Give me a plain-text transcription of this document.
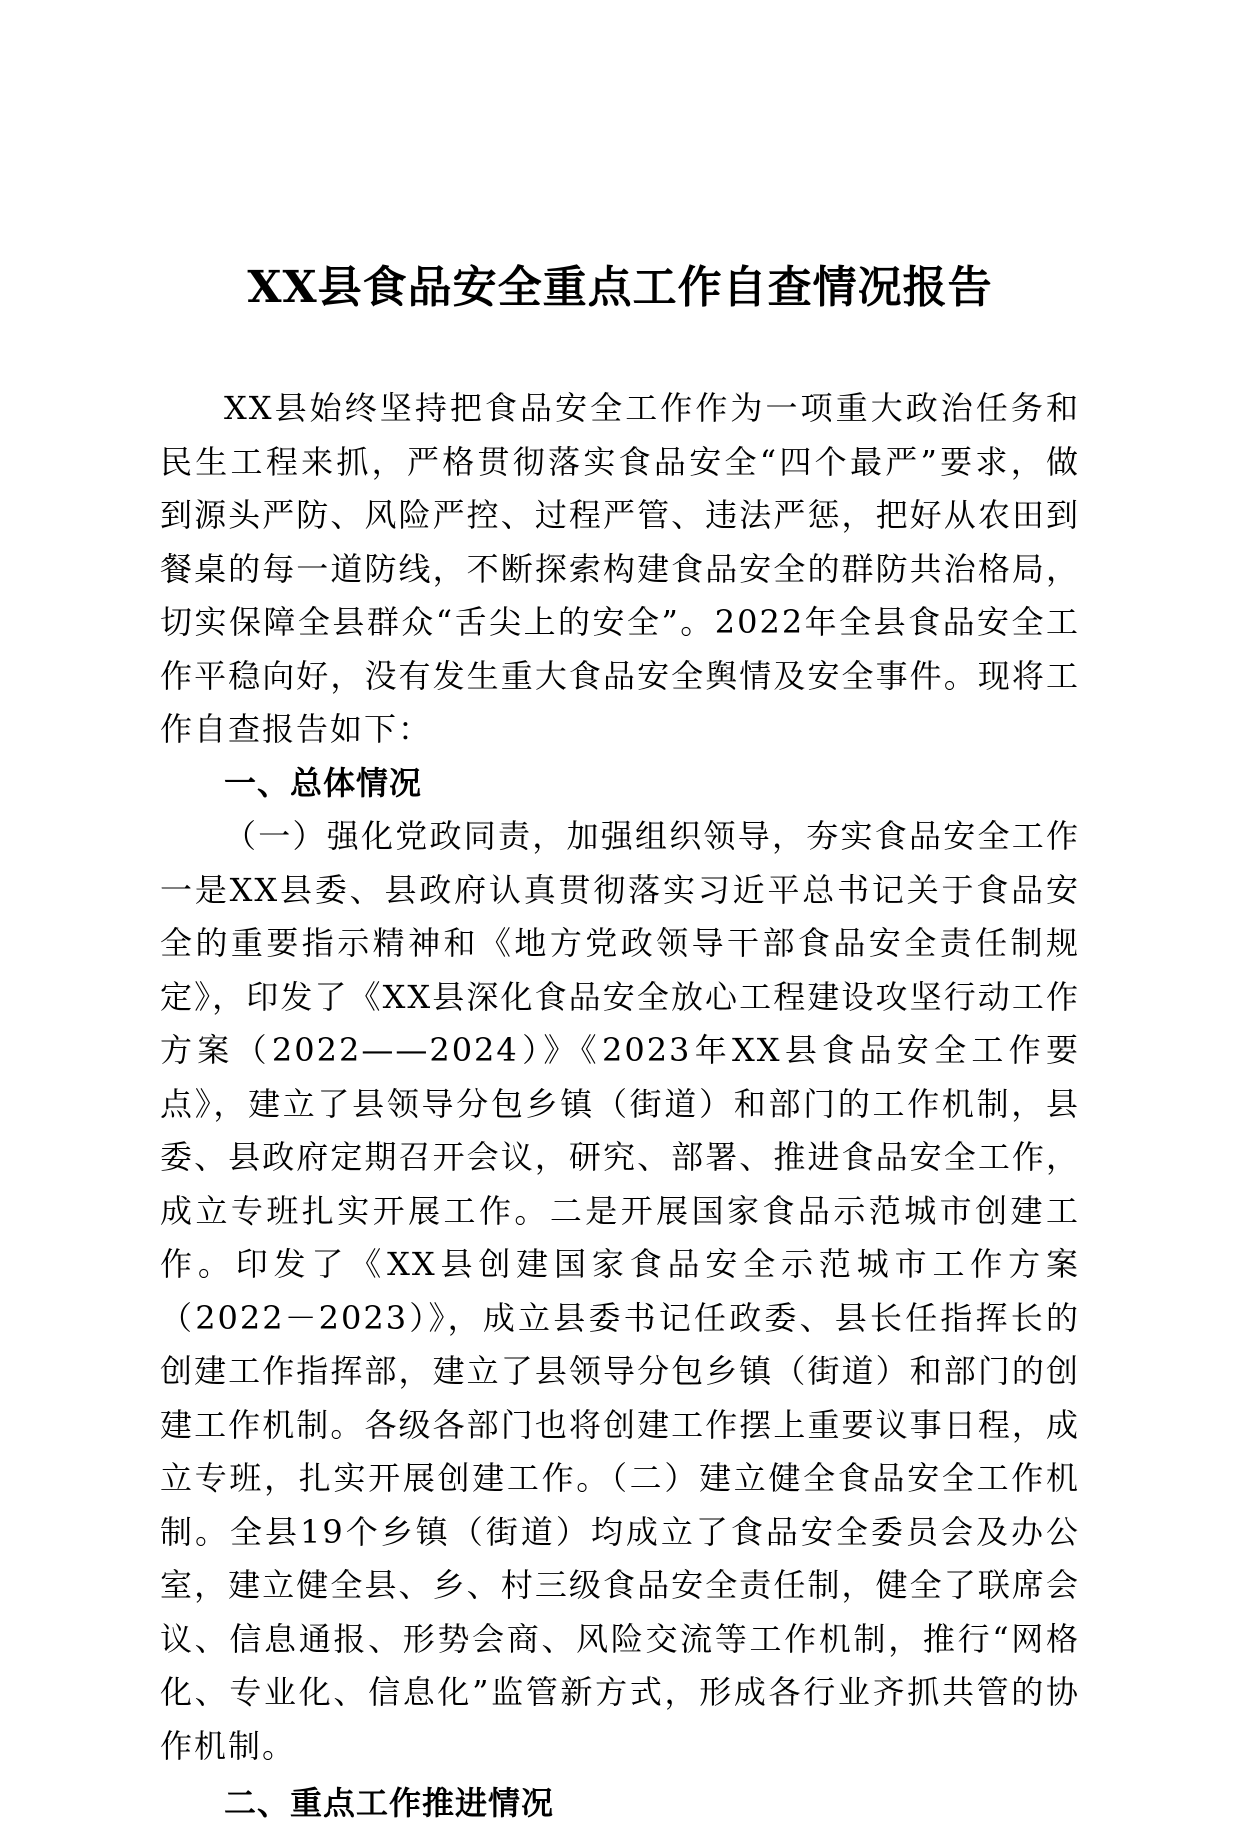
XX县食品安全重点工作自查情况报告

XX县始终坚持把食品安全工作作为一项重大政治任务和民生工程来抓，严格贯彻落实食品安全“四个最严”要求，做到源头严防、风险严控、过程严管、违法严惩，把好从农田到餐桌的每一道防线，不断探索构建食品安全的群防共治格局，切实保障全县群众“舌尖上的安全”。2022年全县食品安全工作平稳向好，没有发生重大食品安全舆情及安全事件。现将工作自查报告如下：

一、总体情况

（一）强化党政同责，加强组织领导，夯实食品安全工作一是XX县委、县政府认真贯彻落实习近平总书记关于食品安全的重要指示精神和《地方党政领导干部食品安全责任制规定》，印发了《XX县深化食品安全放心工程建设攻坚行动工作方案（2022——2024）》《2023年XX县食品安全工作要点》，建立了县领导分包乡镇（街道）和部门的工作机制，县委、县政府定期召开会议，研究、部署、推进食品安全工作，成立专班扎实开展工作。二是开展国家食品示范城市创建工作。印发了《XX县创建国家食品安全示范城市工作方案（2022－2023）》，成立县委书记任政委、县长任指挥长的创建工作指挥部，建立了县领导分包乡镇（街道）和部门的创建工作机制。各级各部门也将创建工作摆上重要议事日程，成立专班，扎实开展创建工作。（二）建立健全食品安全工作机制。全县19个乡镇（街道）均成立了食品安全委员会及办公室，建立健全县、乡、村三级食品安全责任制，健全了联席会议、信息通报、形势会商、风险交流等工作机制，推行“网格化、专业化、信息化”监管新方式，形成各行业齐抓共管的协作机制。

二、重点工作推进情况
